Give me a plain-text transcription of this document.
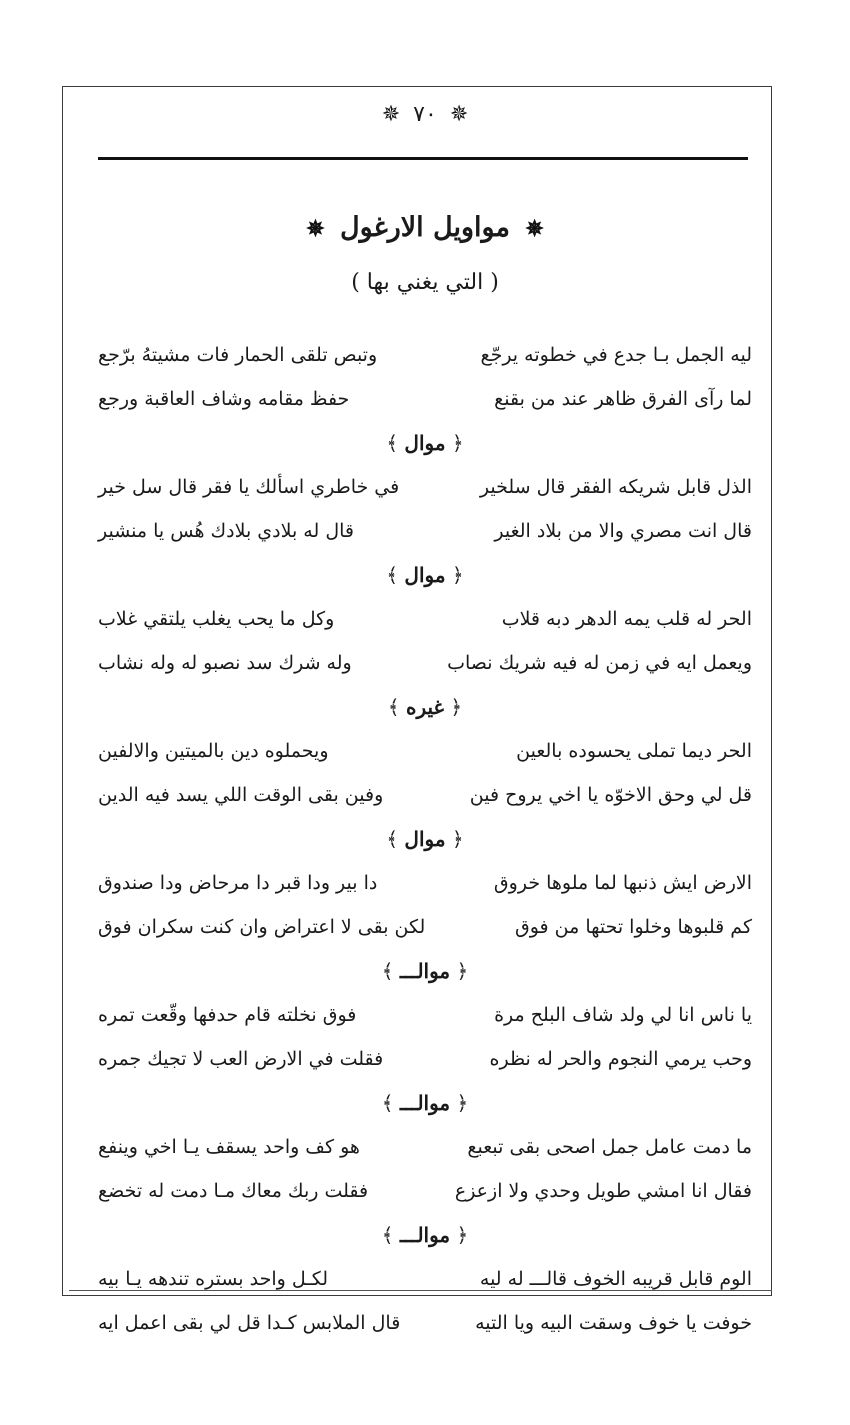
✵ ٧٠ ✵
✵ مواويل الارغول ✵
( التي يغني بها )
ليه الجمل بـا جدع في خطوته يرجّع
وتبص تلقى الحمار فات مشيتهُ برّجع
لما رآى الفرق ظاهر عند من بقنع
حفظ مقامه وشاف العاقبة ورجع
﴿ موال ﴾
الذل قابل شريكه الفقر قال سلخير
في خاطري اسألك يا فقر قال سل خير
قال انت مصري والا من بلاد الغير
قال له بلادي بلادك هُس يا منشير
﴿ موال ﴾
الحر له قلب يمه الدهر دبه قلاب
وكل ما يحب يغلب يلتقي غلاب
ويعمل ايه في زمن له فيه شريك نصاب
وله شرك سد نصبو له وله نشاب
﴿ غيره ﴾
الحر ديما تملى يحسوده بالعين
ويحملوه دين بالميتين والالفين
قل لي وحق الاخوّه يا اخي يروح فين
وفين بقى الوقت اللي يسد فيه الدين
﴿ موال ﴾
الارض ايش ذنبها لما ملوها خروق
دا بير ودا قبر دا مرحاض ودا صندوق
كم قلبوها وخلوا تحتها من فوق
لكن بقى لا اعتراض وان كنت سكران فوق
﴿ موالـــ ﴾
يا ناس انا لي ولد شاف البلح مرة
فوق نخلته قام حدفها وقّعت تمره
وحب يرمي النجوم والحر له نظره
فقلت في الارض العب لا تجيك جمره
﴿ موالـــ ﴾
ما دمت عامل جمل اصحى بقى تبعبع
هو كف واحد يسقف يـا اخي وينفع
فقال انا امشي طويل وحدي ولا ازعزع
فقلت ربك معاك مـا دمت له تخضع
﴿ موالـــ ﴾
الوم قابل قريبه الخوف قالـــ له ليه
لكـل واحد بستره تندهه يـا بيه
خوفت يا خوف وسقت البيه ويا التيه
قال الملابس كـدا قل لي بقى اعمل ايه
